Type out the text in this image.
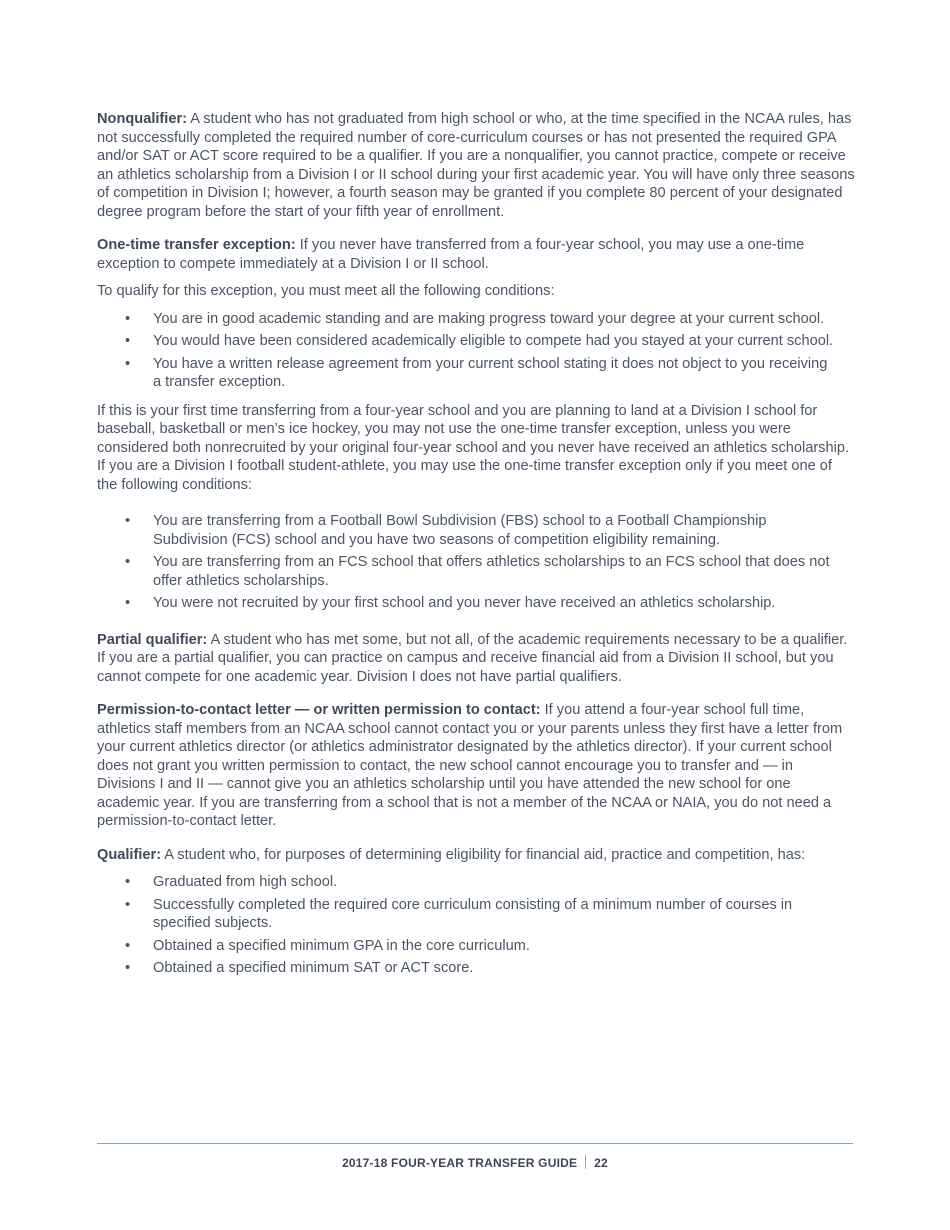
Nonqualifier: A student who has not graduated from high school or who, at the time specified in the NCAA rules, has not successfully completed the required number of core-curriculum courses or has not presented the required GPA and/or SAT or ACT score required to be a qualifier. If you are a nonqualifier, you cannot practice, compete or receive an athletics scholarship from a Division I or II school during your first academic year. You will have only three seasons of competition in Division I; however, a fourth season may be granted if you complete 80 percent of your designated degree program before the start of your fifth year of enrollment.

One-time transfer exception: If you never have transferred from a four-year school, you may use a one-time exception to compete immediately at a Division I or II school.

To qualify for this exception, you must meet all the following conditions:

• You are in good academic standing and are making progress toward your degree at your current school.
• You would have been considered academically eligible to compete had you stayed at your current school.
• You have a written release agreement from your current school stating it does not object to you receiving a transfer exception.

If this is your first time transferring from a four-year school and you are planning to land at a Division I school for baseball, basketball or men’s ice hockey, you may not use the one-time transfer exception, unless you were considered both nonrecruited by your original four-year school and you never have received an athletics scholarship. If you are a Division I football student-athlete, you may use the one-time transfer exception only if you meet one of the following conditions:

• You are transferring from a Football Bowl Subdivision (FBS) school to a Football Championship Subdivision (FCS) school and you have two seasons of competition eligibility remaining.
• You are transferring from an FCS school that offers athletics scholarships to an FCS school that does not offer athletics scholarships.
• You were not recruited by your first school and you never have received an athletics scholarship.

Partial qualifier: A student who has met some, but not all, of the academic requirements necessary to be a qualifier. If you are a partial qualifier, you can practice on campus and receive financial aid from a Division II school, but you cannot compete for one academic year. Division I does not have partial qualifiers.

Permission-to-contact letter — or written permission to contact: If you attend a four-year school full time, athletics staff members from an NCAA school cannot contact you or your parents unless they first have a letter from your current athletics director (or athletics administrator designated by the athletics director). If your current school does not grant you written permission to contact, the new school cannot encourage you to transfer and — in Divisions I and II — cannot give you an athletics scholarship until you have attended the new school for one academic year. If you are transferring from a school that is not a member of the NCAA or NAIA, you do not need a permission-to-contact letter.

Qualifier: A student who, for purposes of determining eligibility for financial aid, practice and competition, has:

• Graduated from high school.
• Successfully completed the required core curriculum consisting of a minimum number of courses in specified subjects.
• Obtained a specified minimum GPA in the core curriculum.
• Obtained a specified minimum SAT or ACT score.
2017-18 FOUR-YEAR TRANSFER GUIDE 22
